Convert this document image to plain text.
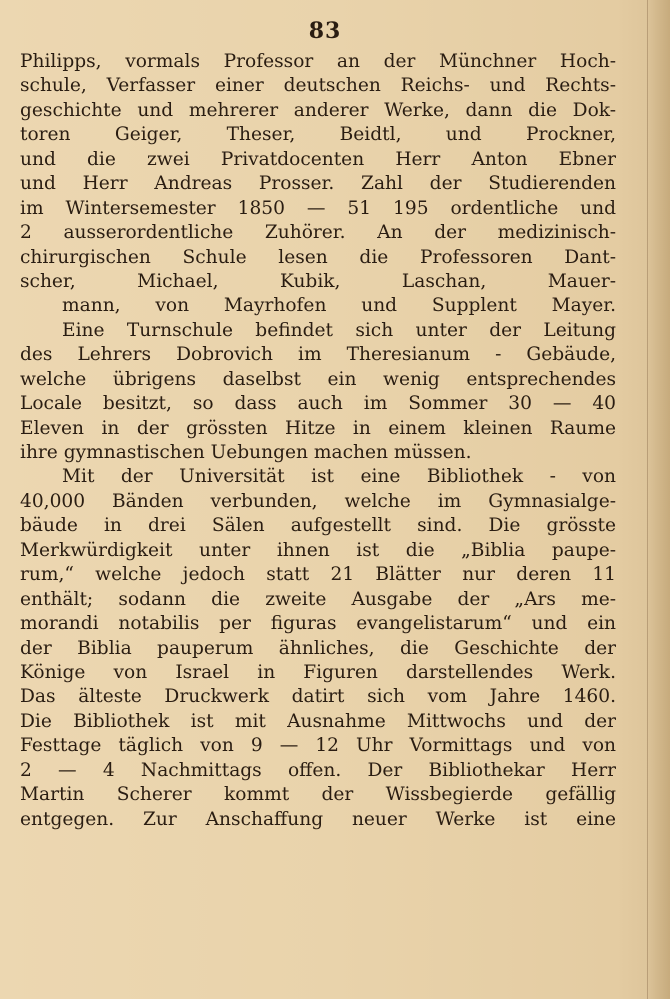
83
Philipps, vormals Professor an der Münchner Hoch-
schule, Verfasser einer deutschen Reichs- und Rechts-
geschichte und mehrerer anderer Werke, dann die Dok-
toren Geiger, Theser, Beidtl, und Prockner,
und die zwei Privatdocenten Herr Anton Ebner
und Herr Andreas Prosser. Zahl der Studierenden
im Wintersemester 1850 — 51 195 ordentliche und
2 ausserordentliche Zuhörer. An der medizinisch-
chirurgischen Schule lesen die Professoren Dant-
scher, Michael, Kubik, Laschan, Mauer-
mann, von Mayrhofen und Supplent Mayer.
Eine Turnschule befindet sich unter der Leitung
des Lehrers Dobrovich im Theresianum - Gebäude,
welche übrigens daselbst ein wenig entsprechendes
Locale besitzt, so dass auch im Sommer 30 — 40
Eleven in der grössten Hitze in einem kleinen Raume
ihre gymnastischen Uebungen machen müssen.
Mit der Universität ist eine Bibliothek - von
40,000 Bänden verbunden, welche im Gymnasialge-
bäude in drei Sälen aufgestellt sind. Die grösste
Merkwürdigkeit unter ihnen ist die „Biblia paupe-
rum,“ welche jedoch statt 21 Blätter nur deren 11
enthält; sodann die zweite Ausgabe der „Ars me-
morandi notabilis per figuras evangelistarum“ und ein
der Biblia pauperum ähnliches, die Geschichte der
Könige von Israel in Figuren darstellendes Werk.
Das älteste Druckwerk datirt sich vom Jahre 1460.
Die Bibliothek ist mit Ausnahme Mittwochs und der
Festtage täglich von 9 — 12 Uhr Vormittags und von
2 — 4 Nachmittags offen. Der Bibliothekar Herr
Martin Scherer kommt der Wissbegierde gefällig
entgegen. Zur Anschaffung neuer Werke ist eine
